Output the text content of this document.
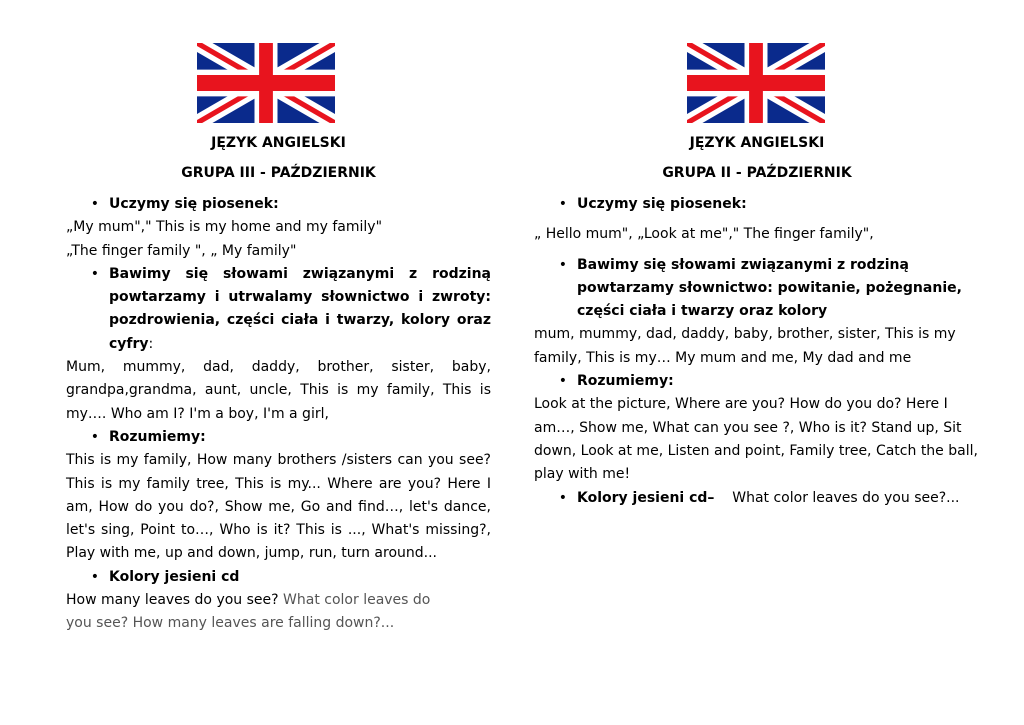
JĘZYK ANGIELSKI
GRUPA III - PAŹDZIERNIK
• Uczymy się piosenek:

„My mum"," This is my home and my family"

„The finger family ", „ My family"

• Bawimy się słowami związanymi z rodziną powtarzamy i utrwalamy słownictwo i zwroty: pozdrowienia, części ciała i twarzy, kolory oraz cyfry:

Mum, mummy, dad, daddy, brother, sister, baby, grandpa,grandma, aunt, uncle, This is my family, This is my…. Who am I? I'm a boy, I'm a girl,

• Rozumiemy:

This is my family, How many brothers /sisters can you see? This is my family tree, This is my... Where are you? Here I am, How do you do?, Show me, Go and find…, let's dance, let's sing, Point to…, Who is it? This is ..., What's missing?, Play with me, up and down, jump, run, turn around...

• Kolory jesieni cd

How many leaves do you see? What color leaves do you see? How many leaves are falling down?...

JĘZYK ANGIELSKI
GRUPA II - PAŹDZIERNIK
• Uczymy się piosenek:

„ Hello mum", „Look at me"," The finger family",

• Bawimy się słowami związanymi z rodziną powtarzamy słownictwo: powitanie, pożegnanie, części ciała i twarzy oraz kolory

mum, mummy, dad, daddy, baby, brother, sister, This is my family, This is my… My mum and me, My dad and me

• Rozumiemy:

Look at the picture, Where are you? How do you do? Here I am…, Show me, What can you see ?, Who is it? Stand up, Sit down, Look at me, Listen and point, Family tree, Catch the ball, play with me!

• Kolory jesieni cd–    What color leaves do you see?...
